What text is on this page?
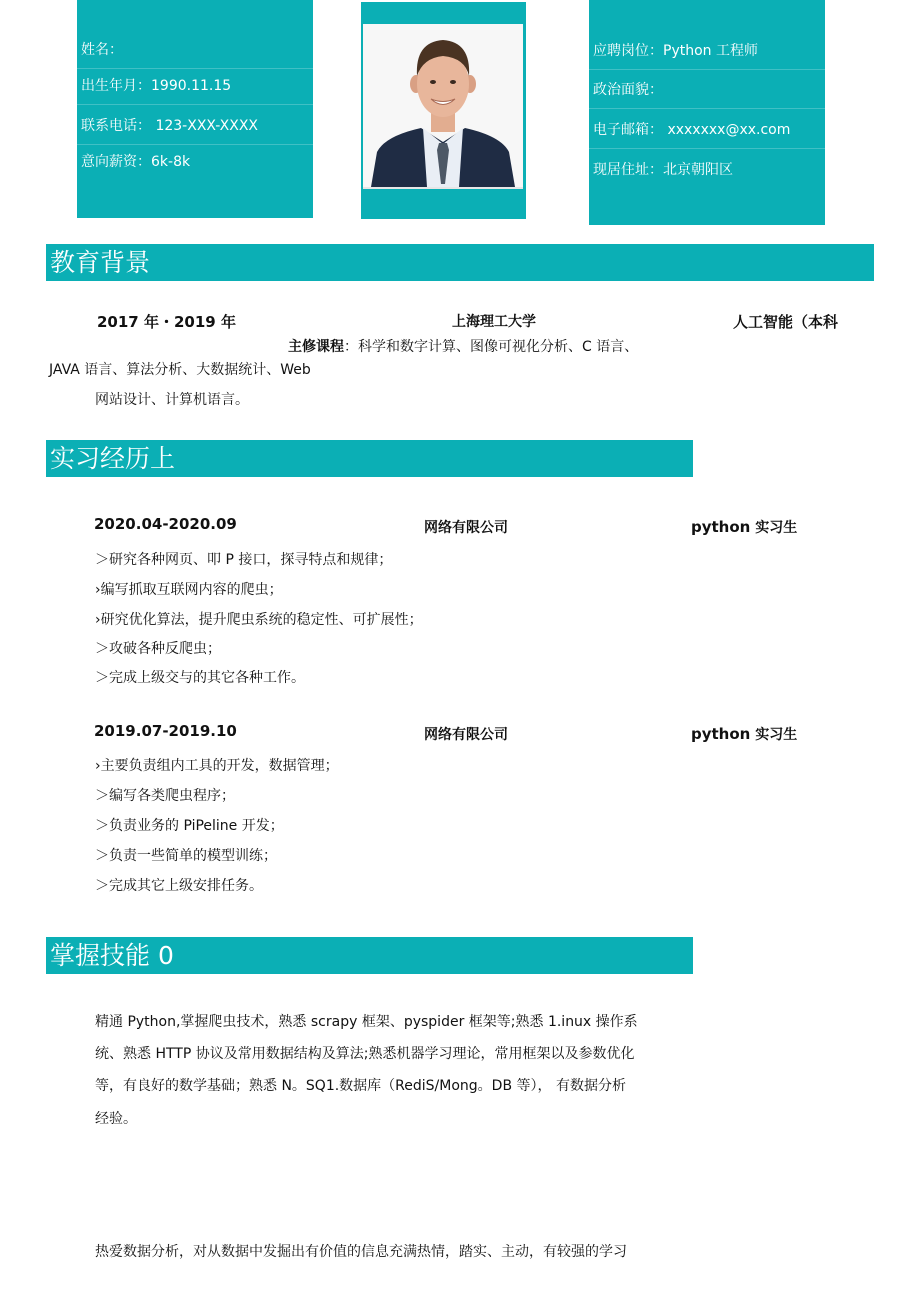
姓名：
出生年月：1990.11.15
联系电话： 123-XXX-XXXX
意向薪资：6k-8k
应聘岗位：Python 工程师
政治面貌：
电子邮箱： xxxxxxx@xx.com
现居住址：北京朝阳区
教育背景
2017 年・2019 年	上海理工大学	人工智能（本科
主修课程：科学和数字计算、图像可视化分析、C 语言、
JAVA 语言、算法分析、大数据统计、Web
网站设计、计算机语言。
实习经历上
2020.04-2020.09	网络有限公司	python 实习生
＞研究各种网页、叩 P 接口，探寻特点和规律；
›编写抓取互联网内容的爬虫；
›研究优化算法，提升爬虫系统的稳定性、可扩展性；
＞攻破各种反爬虫；
＞完成上级交与的其它各种工作。
2019.07-2019.10	网络有限公司	python 实习生
›主要负责组内工具的开发，数据管理；
＞编写各类爬虫程序；
＞负责业务的 PiPeline 开发；
＞负责一些简单的模型训练；
＞完成其它上级安排任务。
掌握技能 0
精通 Python,掌握爬虫技术，熟悉 scrapy 框架、pyspider 框架等;熟悉 1.inux 操作系
统、熟悉 HTTP 协议及常用数据结构及算法;熟悉机器学习理论，常用框架以及参数优化
等，有良好的数学基础；熟悉 N。SQ1.数据库（RediS/Mong。DB 等）， 有数据分析
经验。
热爱数据分析，对从数据中发掘出有价值的信息充满热情，踏实、主动，有较强的学习
